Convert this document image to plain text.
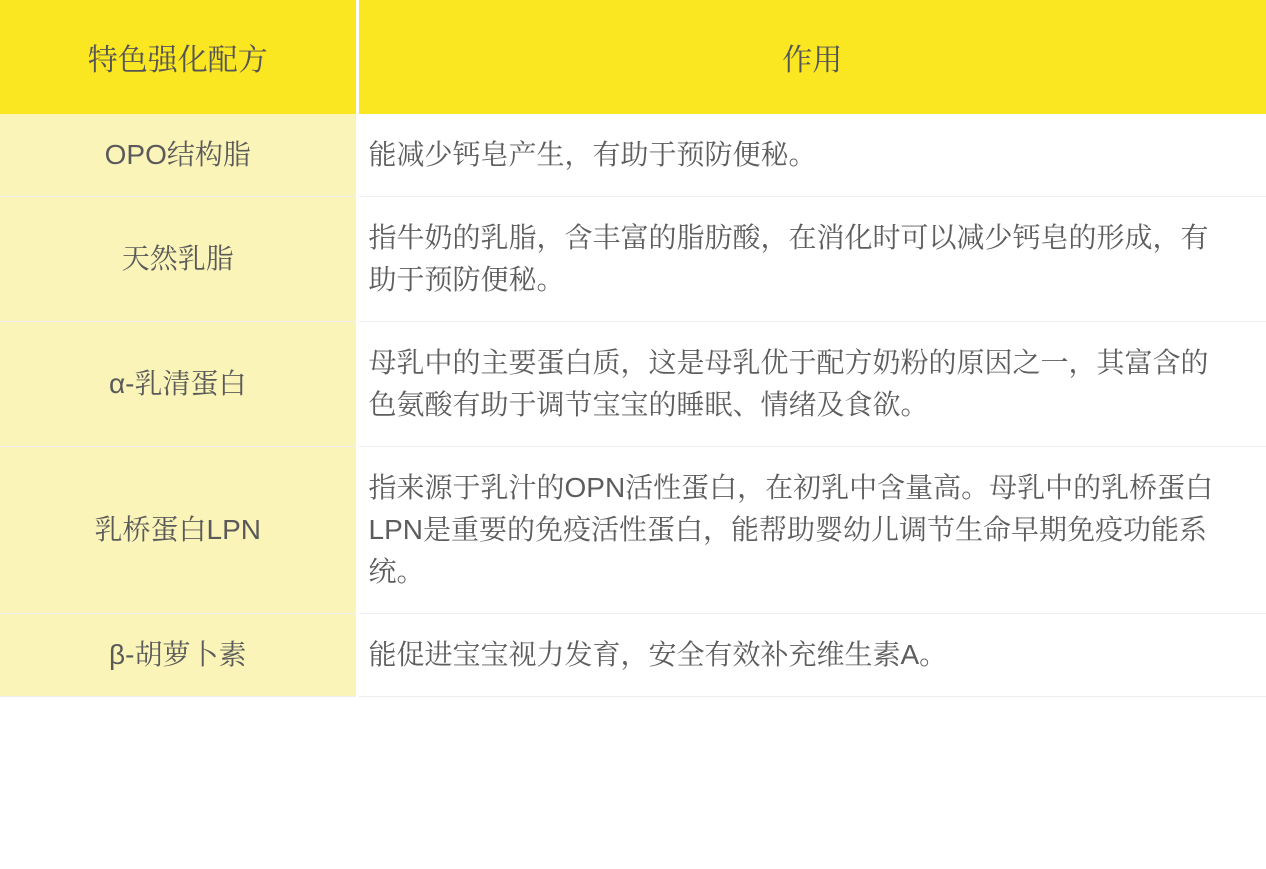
特色强化配方	作用
OPO结构脂	能减少钙皂产生，有助于预防便秘。
天然乳脂	指牛奶的乳脂，含丰富的脂肪酸，在消化时可以减少钙皂的形成，有助于预防便秘。
α-乳清蛋白	母乳中的主要蛋白质，这是母乳优于配方奶粉的原因之一，其富含的色氨酸有助于调节宝宝的睡眠、情绪及食欲。
乳桥蛋白LPN	指来源于乳汁的OPN活性蛋白，在初乳中含量高。母乳中的乳桥蛋白LPN是重要的免疫活性蛋白，能帮助婴幼儿调节生命早期免疫功能系统。
β-胡萝卜素	能促进宝宝视力发育，安全有效补充维生素A。
